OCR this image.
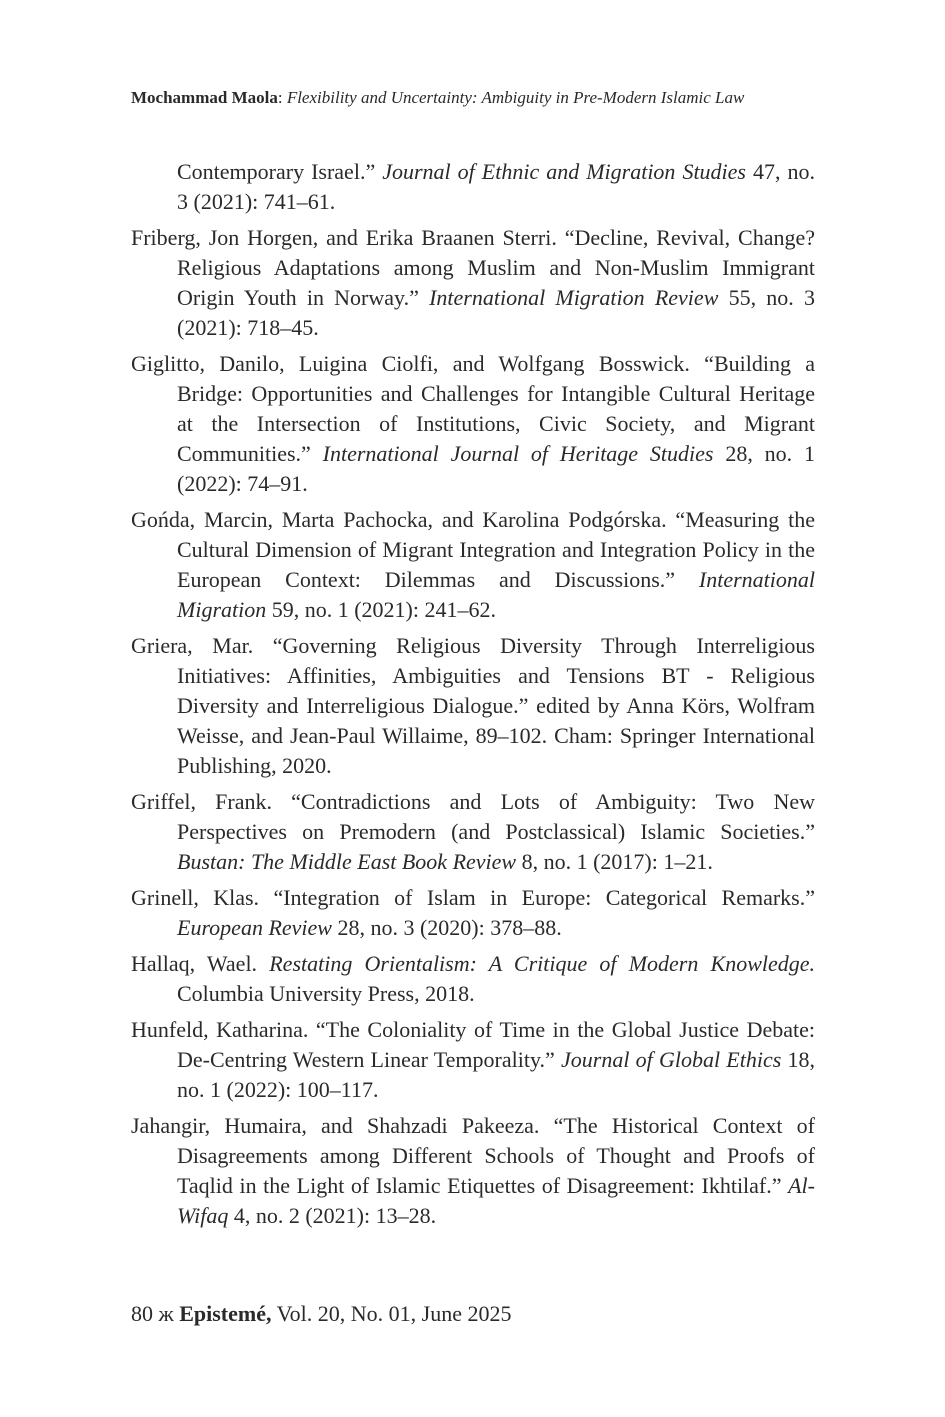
Mochammad Maola: Flexibility and Uncertainty: Ambiguity in Pre-Modern Islamic Law

Contemporary Israel.” Journal of Ethnic and Migration Studies 47, no. 3 (2021): 741–61.

Friberg, Jon Horgen, and Erika Braanen Sterri. “Decline, Revival, Change? Religious Adaptations among Muslim and Non-Muslim Immigrant Origin Youth in Norway.” International Migration Review 55, no. 3 (2021): 718–45.

Giglitto, Danilo, Luigina Ciolfi, and Wolfgang Bosswick. “Building a Bridge: Opportunities and Challenges for Intangible Cultural Heritage at the Intersection of Institutions, Civic Society, and Migrant Communities.” International Journal of Heritage Studies 28, no. 1 (2022): 74–91.

Gońda, Marcin, Marta Pachocka, and Karolina Podgórska. “Measuring the Cultural Dimension of Migrant Integration and Integration Policy in the European Context: Dilemmas and Discussions.” International Migration 59, no. 1 (2021): 241–62.

Griera, Mar. “Governing Religious Diversity Through Interreligious Initiatives: Affinities, Ambiguities and Tensions BT - Religious Diversity and Interreligious Dialogue.” edited by Anna Körs, Wolfram Weisse, and Jean-Paul Willaime, 89–102. Cham: Springer International Publishing, 2020.

Griffel, Frank. “Contradictions and Lots of Ambiguity: Two New Perspectives on Premodern (and Postclassical) Islamic Societies.” Bustan: The Middle East Book Review 8, no. 1 (2017): 1–21.

Grinell, Klas. “Integration of Islam in Europe: Categorical Remarks.” European Review 28, no. 3 (2020): 378–88.

Hallaq, Wael. Restating Orientalism: A Critique of Modern Knowledge. Columbia University Press, 2018.

Hunfeld, Katharina. “The Coloniality of Time in the Global Justice Debate: De-Centring Western Linear Temporality.” Journal of Global Ethics 18, no. 1 (2022): 100–117.

Jahangir, Humaira, and Shahzadi Pakeeza. “The Historical Context of Disagreements among Different Schools of Thought and Proofs of Taqlid in the Light of Islamic Etiquettes of Disagreement: Ikhtilaf.” Al-Wifaq 4, no. 2 (2021): 13–28.

80 ж Epistemé, Vol. 20, No. 01, June 2025
